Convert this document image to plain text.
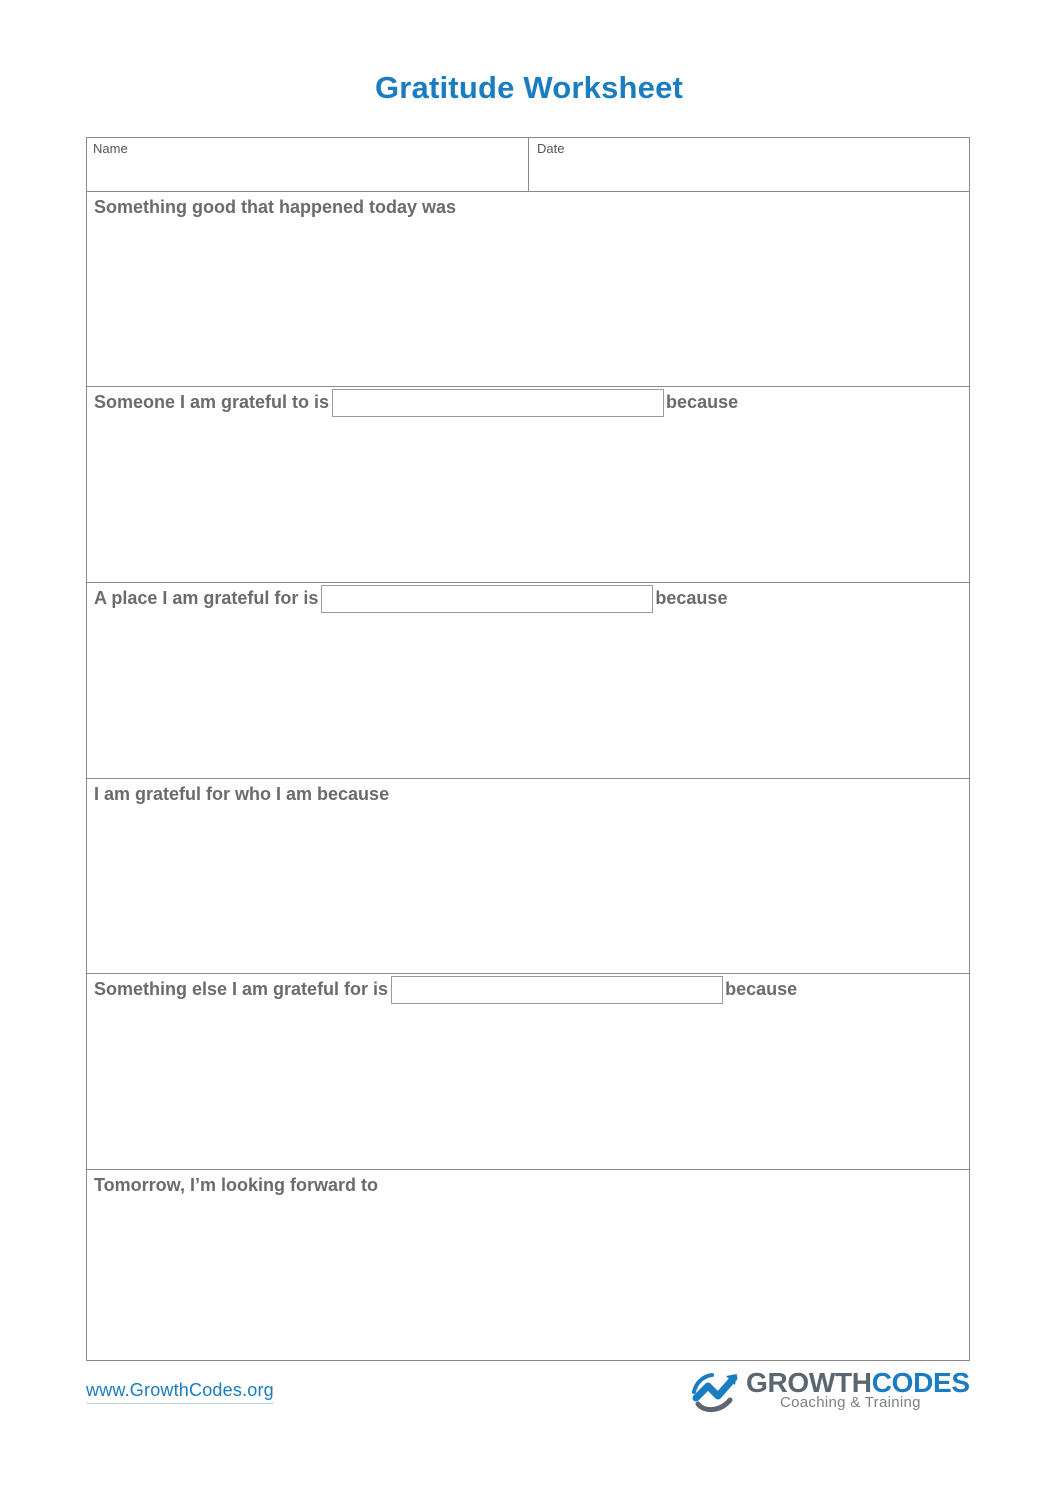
Gratitude Worksheet
Name	Date
Something good that happened today was
Someone I am grateful to is	because
A place I am grateful for is	because
I am grateful for who I am because
Something else I am grateful for is	because
Tomorrow, I’m looking forward to
www.GrowthCodes.org	GROWTHCODES
Coaching & Training
